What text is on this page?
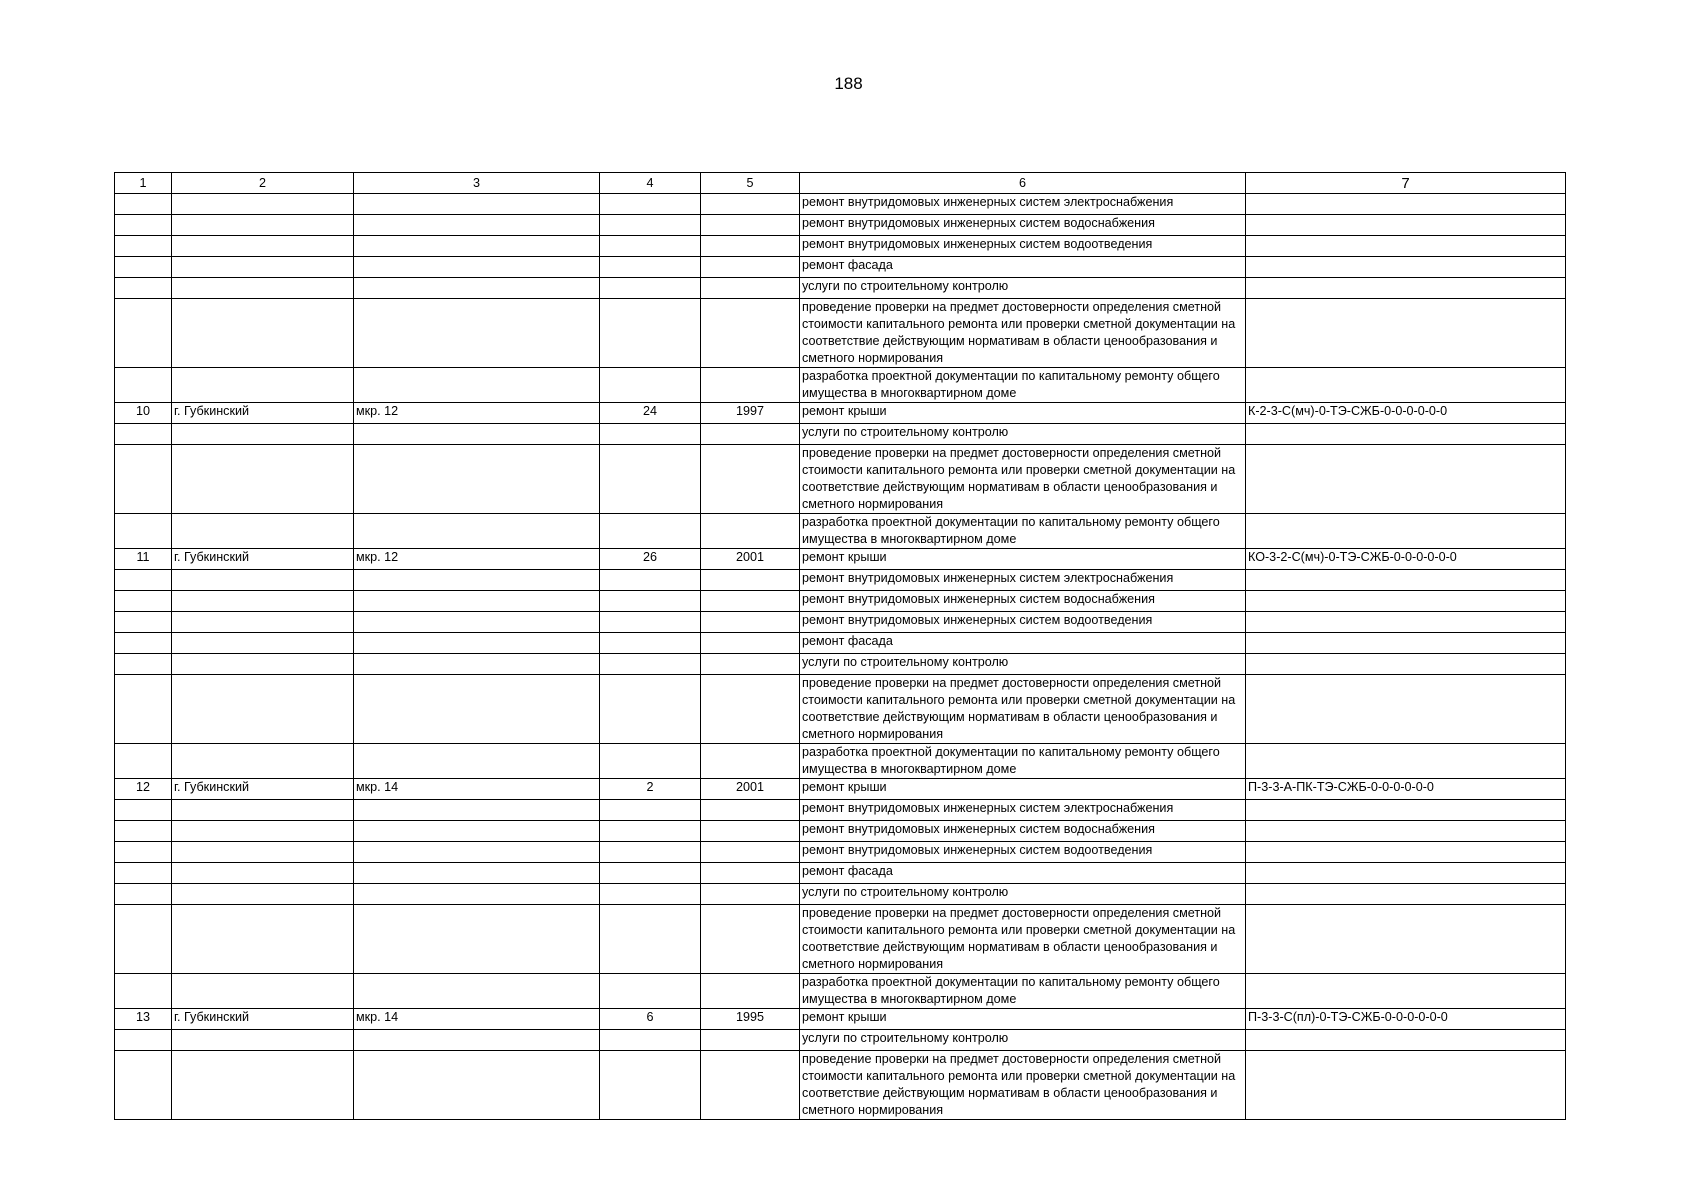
188
1	2	3	4	5	6	7
					ремонт внутридомовых инженерных систем электроснабжения	
					ремонт внутридомовых инженерных систем водоснабжения	
					ремонт внутридомовых инженерных систем водоотведения	
					ремонт фасада	
					услуги по строительному контролю	
					проведение проверки на предмет достоверности определения сметной стоимости капитального ремонта или проверки сметной документации на соответствие действующим нормативам в области ценообразования и сметного нормирования	
					разработка проектной документации по капитальному ремонту общего имущества в многоквартирном доме	
10	г. Губкинский	мкр. 12	24	1997	ремонт крыши	К-2-3-С(мч)-0-ТЭ-СЖБ-0-0-0-0-0-0
					услуги по строительному контролю	
					проведение проверки на предмет достоверности определения сметной стоимости капитального ремонта или проверки сметной документации на соответствие действующим нормативам в области ценообразования и сметного нормирования	
					разработка проектной документации по капитальному ремонту общего имущества в многоквартирном доме	
11	г. Губкинский	мкр. 12	26	2001	ремонт крыши	КО-3-2-С(мч)-0-ТЭ-СЖБ-0-0-0-0-0-0
					ремонт внутридомовых инженерных систем электроснабжения	
					ремонт внутридомовых инженерных систем водоснабжения	
					ремонт внутридомовых инженерных систем водоотведения	
					ремонт фасада	
					услуги по строительному контролю	
					проведение проверки на предмет достоверности определения сметной стоимости капитального ремонта или проверки сметной документации на соответствие действующим нормативам в области ценообразования и сметного нормирования	
					разработка проектной документации по капитальному ремонту общего имущества в многоквартирном доме	
12	г. Губкинский	мкр. 14	2	2001	ремонт крыши	П-3-3-А-ПК-ТЭ-СЖБ-0-0-0-0-0-0
					ремонт внутридомовых инженерных систем электроснабжения	
					ремонт внутридомовых инженерных систем водоснабжения	
					ремонт внутридомовых инженерных систем водоотведения	
					ремонт фасада	
					услуги по строительному контролю	
					проведение проверки на предмет достоверности определения сметной стоимости капитального ремонта или проверки сметной документации на соответствие действующим нормативам в области ценообразования и сметного нормирования	
					разработка проектной документации по капитальному ремонту общего имущества в многоквартирном доме	
13	г. Губкинский	мкр. 14	6	1995	ремонт крыши	П-3-3-С(пл)-0-ТЭ-СЖБ-0-0-0-0-0-0
					услуги по строительному контролю	
					проведение проверки на предмет достоверности определения сметной стоимости капитального ремонта или проверки сметной документации на соответствие действующим нормативам в области ценообразования и сметного нормирования	
